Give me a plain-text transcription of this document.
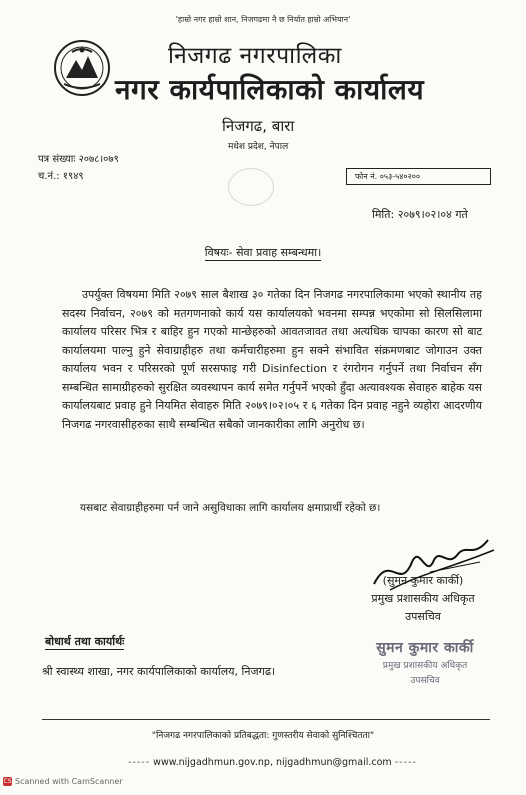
'हाम्रो नगर हाम्रो शान, निजगढमा नै छ निर्यात हाम्रो अभियान'
निजगढ नगरपालिका
नगर कार्यपालिकाको कार्यालय
निजगढ, बारा
मधेश प्रदेश, नेपाल
पत्र संख्याः २०७८।०७९
च.नं.: १९४९	फोन नं. ०५३-५४०२००
मिति: २०७९।०२।०४ गते
विषयः- सेवा प्रवाह सम्बन्धमा।

उपर्युक्त विषयमा मिति २०७९ साल बैशाख ३० गतेका दिन निजगढ नगरपालिकामा भएको स्थानीय तह सदस्य निर्वाचन, २०७९ को मतगणनाको कार्य यस कार्यालयको भवनमा सम्पन्न भएकोमा सो सिलसिलामा कार्यालय परिसर भित्र र बाहिर हुन गएको मान्छेहरुको आवतजावत तथा अत्यधिक चापका कारण सो बाट कार्यालयमा पाल्नु हुने सेवाग्राहीहरु तथा कर्मचारीहरुमा हुन सक्ने संभावित संक्रमणबाट जोगाउन उक्त कार्यालय भवन र परिसरको पूर्ण सरसफाइ गरी Disinfection र रंगरोगन गर्नुपर्ने तथा निर्वाचन सँग सम्बन्धित सामाग्रीहरुको सुरक्षित व्यवस्थापन कार्य समेत गर्नुपर्ने भएको हुँदा अत्यावश्यक सेवाहरु बाहेक यस कार्यालयबाट प्रवाह हुने नियमित सेवाहरु मिति २०७९।०२।०५ र ६ गतेका दिन प्रवाह नहुने व्यहोरा आदरणीय निजगढ नगरवासीहरुका साथै सम्बन्धित सबैको जानकारीका लागि अनुरोध छ।

यसबाट सेवाग्राहीहरुमा पर्न जाने असुविधाका लागि कार्यालय क्षमाप्रार्थी रहेको छ।
(सुमन कुमार कार्की)
प्रमुख प्रशासकीय अधिकृत
उपसचिव
बोधार्थ तथा कार्यार्थः
श्री स्वास्थ्य शाखा, नगर कार्यपालिकाको कार्यालय, निजगढ।
सुमन कुमार कार्की
प्रमुख प्रशासकीय अधिकृत
उपसचिव
"निजगढ नगरपालिकाको प्रतिबद्धता: गुणस्तरीय सेवाको सुनिश्चितता"
----- www.nijgadhmun.gov.np, nijgadhmun@gmail.com -----
CS Scanned with CamScanner
